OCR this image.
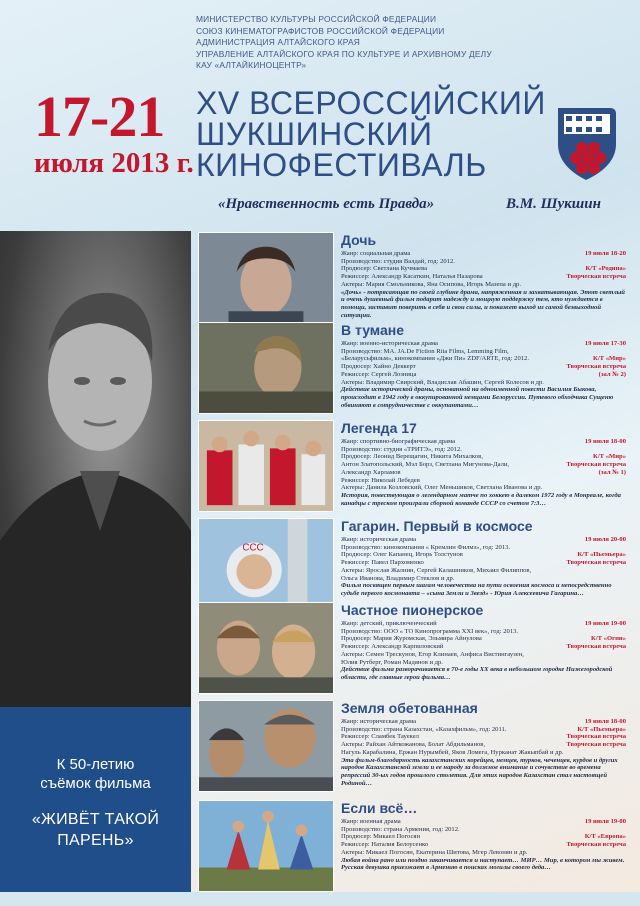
МИНИСТЕРСТВО КУЛЬТУРЫ РОССИЙСКОЙ ФЕДЕРАЦИИ
СОЮЗ КИНЕМАТОГРАФИСТОВ РОССИЙСКОЙ ФЕДЕРАЦИИ
АДМИНИСТРАЦИЯ АЛТАЙСКОГО КРАЯ
УПРАВЛЕНИЕ АЛТАЙСКОГО КРАЯ ПО КУЛЬТУРЕ И АРХИВНОМУ ДЕЛУ
КАУ «АЛТАЙКИНОЦЕНТР»
17-21
июля 2013 г.
XV ВСЕРОССИЙСКИЙ
ШУКШИНСКИЙ
КИНОФЕСТИВАЛЬ
«Нравственность есть Правда»	В.М. Шукшин
К 50-летию
съёмок фильма
«ЖИВЁТ ТАКОЙ
ПАРЕНЬ»
Дочь
Жанр: социальная драма	19 июля 18-20
Производство: студия Валдай, год: 2012.
Продюсер: Светлана Кучмаева	К/Т «Родина»
Режиссер: Александр Касаткин, Наталья Назарова	Творческая встреча
Актеры: Мария Смольникова, Яна Осипова, Игорь Мазепа и др.
«Дочь» - потрясающая по своей глубине драма, напряженная и захватывающая. Этот светлый и очень душевный фильм подарит надежду и мощную поддержку тем, кто нуждается в помощи, заставит поверить в себя и свои силы, и покажет выход из самой безвыходной ситуации.
В тумане
Жанр: военно-историческая драма	19 июля 17-30
Производство: MA. JA.De Fiction Riia Films, Lemming Film,
«Беларусьфильм», кинокомпания «Джи Пи» ZDF/ARTE, год: 2012.	К/Т «Мир»
Продюсер: Хайно Деккерт	Творческая встреча
Режиссер: Сергей Лозница	(зал № 2)
Актеры: Владимир Свирский, Владислав Абашин, Сергей Колесов и др.
Действие исторической драмы, основанной на одноименной повести Василия Быкова, происходит в 1942 году в оккупированной немцами Белоруссии. Путевого обходчика Сущеню обвиняют в сотрудничестве с оккупантами…
Легенда 17
Жанр: спортивно-биографическая драма	19 июля 18-00
Производство: студия «ТРИТЭ», год: 2012.
Продюсер: Леонид Верещагин, Никита Михалков,	К/Т «Мир»
Антон Златопольский, Мэл Борз, Светлана Мигунова-Дали,	Творческая встреча
Александр Харламов	(зал № 1)
Режиссер: Николай Лебедев
Актеры: Данила Козловский, Олег Меньшиков, Светлана Иванова и др.
История, повествующая о легендарном матче по хоккею в далеком 1972 году в Монреале, когда канадцы с треском проиграли сборной команде СССР со счетом 7:3…
ССС
Гагарин. Первый в космосе
Жанр: историческая драма	19 июля 20-00
Производство: кинокомпания « Кремлин Филмз», год: 2013.
Продюсер: Олег Капанец, Игорь Толстунов	К/Т «Пьемьера»
Режиссер: Павел Пархоменко	Творческая встреча
Актеры: Ярослав Жалнин, Сергей Калашников, Михаил Филиппов,
Ольга Иванова, Владимир Стеклов и др.
Фильм посвящен первым шагам человечества на пути освоения космоса и непосредственно судьбе первого космонавта – «сына Земли и Звезд» - Юрия Алексеевича Гагарина…
Частное пионерское
Жанр: детский, приключенческий	19 июля 19-00
Производство: ООО « ТО Кинопрограмма XXI век», год: 2013.
Продюсер: Мария Журомская, Эльмира Айнулова	К/Т «Огни»
Режиссер: Александр Карпиловский	Творческая встреча
Актеры: Семен Трескунов, Егор Клинаев, Анфиса Вистингаузен,
Юлия Рутберг, Роман Мадянов и др.
Действие фильма разворачивается в 70-е годы XX века в небольшом городке Нижегородской области, где главные герои фильма…
Земля обетованная
Жанр: историческая драма	19 июля 18-00
Производство: страна Казахстан, «Казахфильм», год: 2011.	К/Т «Пьемьера»
Режиссер: Сламбек Тауекел	Творческая встреча
Актеры: Райхан Айткожанова, Болат Абдильманов,	Творческая встреча
Нагуль Карабалина, Ержан Нурымбей, Яков Ломега, Нурканат Жакыпбай и др.
Эта фильм-благодарность казахстанских корейцев, немцев, турков, чеченцев, курдов и других народов Казахстанской земли и ее народу за должное внимание и сочувствие во времена репрессий 30-ых годов прошлого столетия. Для этих народов Казахстан стал настоящей Родиной…
Если всё…
Жанр: военная драма	19 июля 19-00
Производство: страна Армения, год: 2012.
Продюсер: Микаел Погосян	К/Т «Европа»
Режиссер: Наталия Белоусенко	Творческая встреча
Актеры: Микаел Погосян, Екатерина Шитова, Мгер Левонян и др.
Любая война рано или поздно заканчивается и наступает… МИР… Мир, в котором мы живем. Русская девушка приезжает в Армению в поисках могилы своего деда…
